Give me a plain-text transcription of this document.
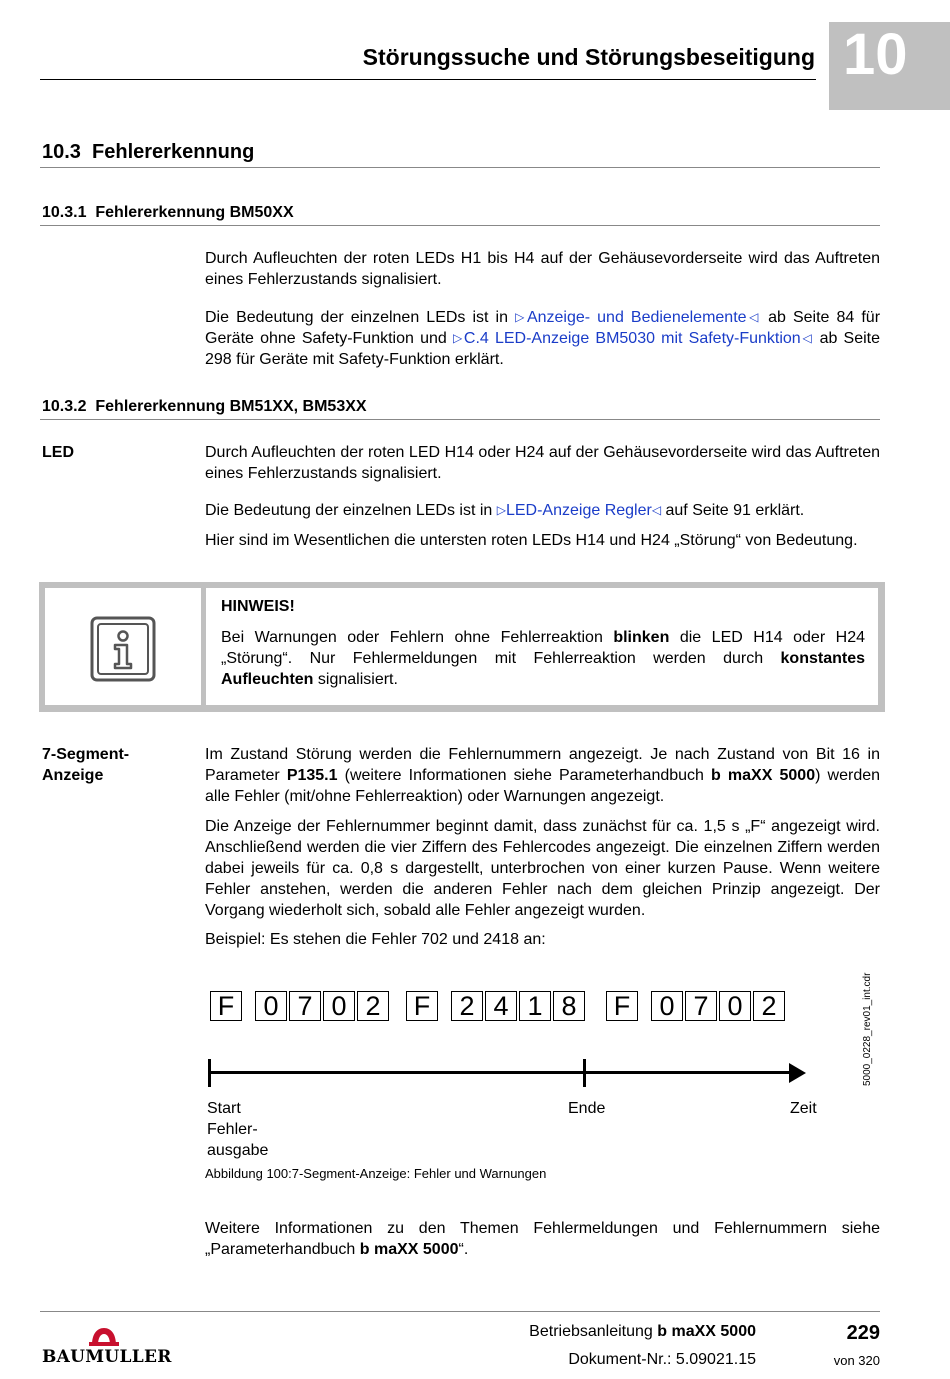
Störungssuche und Störungsbeseitigung 10
10.3  Fehlererkennung
10.3.1  Fehlererkennung BM50XX
Durch Aufleuchten der roten LEDs H1 bis H4 auf der Gehäusevorderseite wird das Auftreten eines Fehlerzustands signalisiert.
Die Bedeutung der einzelnen LEDs ist in ▷Anzeige- und Bedienelemente◁ ab Seite 84 für Geräte ohne Safety-Funktion und ▷C.4 LED-Anzeige BM5030 mit Safety-Funktion◁ ab Seite 298 für Geräte mit Safety-Funktion erklärt.
10.3.2  Fehlererkennung BM51XX, BM53XX
LED	Durch Aufleuchten der roten LED H14 oder H24 auf der Gehäusevorderseite wird das Auftreten eines Fehlerzustands signalisiert.
Die Bedeutung der einzelnen LEDs ist in ▷LED-Anzeige Regler◁ auf Seite 91 erklärt.
Hier sind im Wesentlichen die untersten roten LEDs H14 und H24 „Störung“ von Bedeutung.
HINWEIS!
Bei Warnungen oder Fehlern ohne Fehlerreaktion blinken die LED H14 oder H24 „Störung“. Nur Fehlermeldungen mit Fehlerreaktion werden durch konstantes Aufleuchten signalisiert.
7-Segment-
Anzeige
Im Zustand Störung werden die Fehlernummern angezeigt. Je nach Zustand von Bit 16 in Parameter P135.1 (weitere Informationen siehe Parameterhandbuch b maXX 5000) werden alle Fehler (mit/ohne Fehlerreaktion) oder Warnungen angezeigt.
Die Anzeige der Fehlernummer beginnt damit, dass zunächst für ca. 1,5 s „F“ angezeigt wird. Anschließend werden die vier Ziffern des Fehlercodes angezeigt. Die einzelnen Ziffern werden dabei jeweils für ca. 0,8 s dargestellt, unterbrochen von einer kurzen Pause. Wenn weitere Fehler anstehen, werden die anderen Fehler nach dem gleichen Prinzip angezeigt. Der Vorgang wiederholt sich, sobald alle Fehler angezeigt wurden.
Beispiel: Es stehen die Fehler 702 und 2418 an:
F	0 7 0 2	F	2 4 1 8	F	0 7 0 2
Start
Fehler-
ausgabe
Ende	Zeit
5000_0228_rev01_int.cdr
Abbildung 100:7-Segment-Anzeige: Fehler und Warnungen
Weitere Informationen zu den Themen Fehlermeldungen und Fehlernummern siehe „Parameterhandbuch b maXX 5000“.
BAUMULLER
Betriebsanleitung b maXX 5000
Dokument-Nr.: 5.09021.15
229
von 320
